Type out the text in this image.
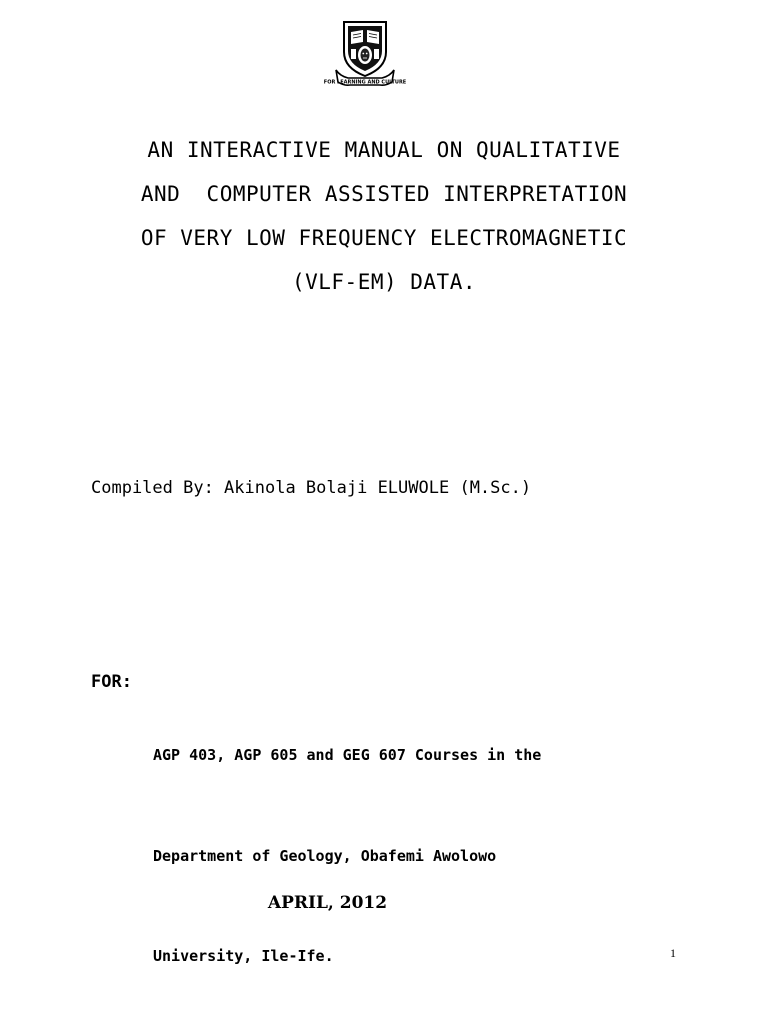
FOR LEARNING AND CULTURE
AN INTERACTIVE MANUAL ON QUALITATIVE
AND  COMPUTER ASSISTED INTERPRETATION
OF VERY LOW FREQUENCY ELECTROMAGNETIC
(VLF-EM) DATA.
Compiled By: Akinola Bolaji ELUWOLE (M.Sc.)
FOR:

AGP 403, AGP 605 and GEG 607 Courses in the

Department of Geology, Obafemi Awolowo

University, Ile-Ife.

APRIL, 2012
1
